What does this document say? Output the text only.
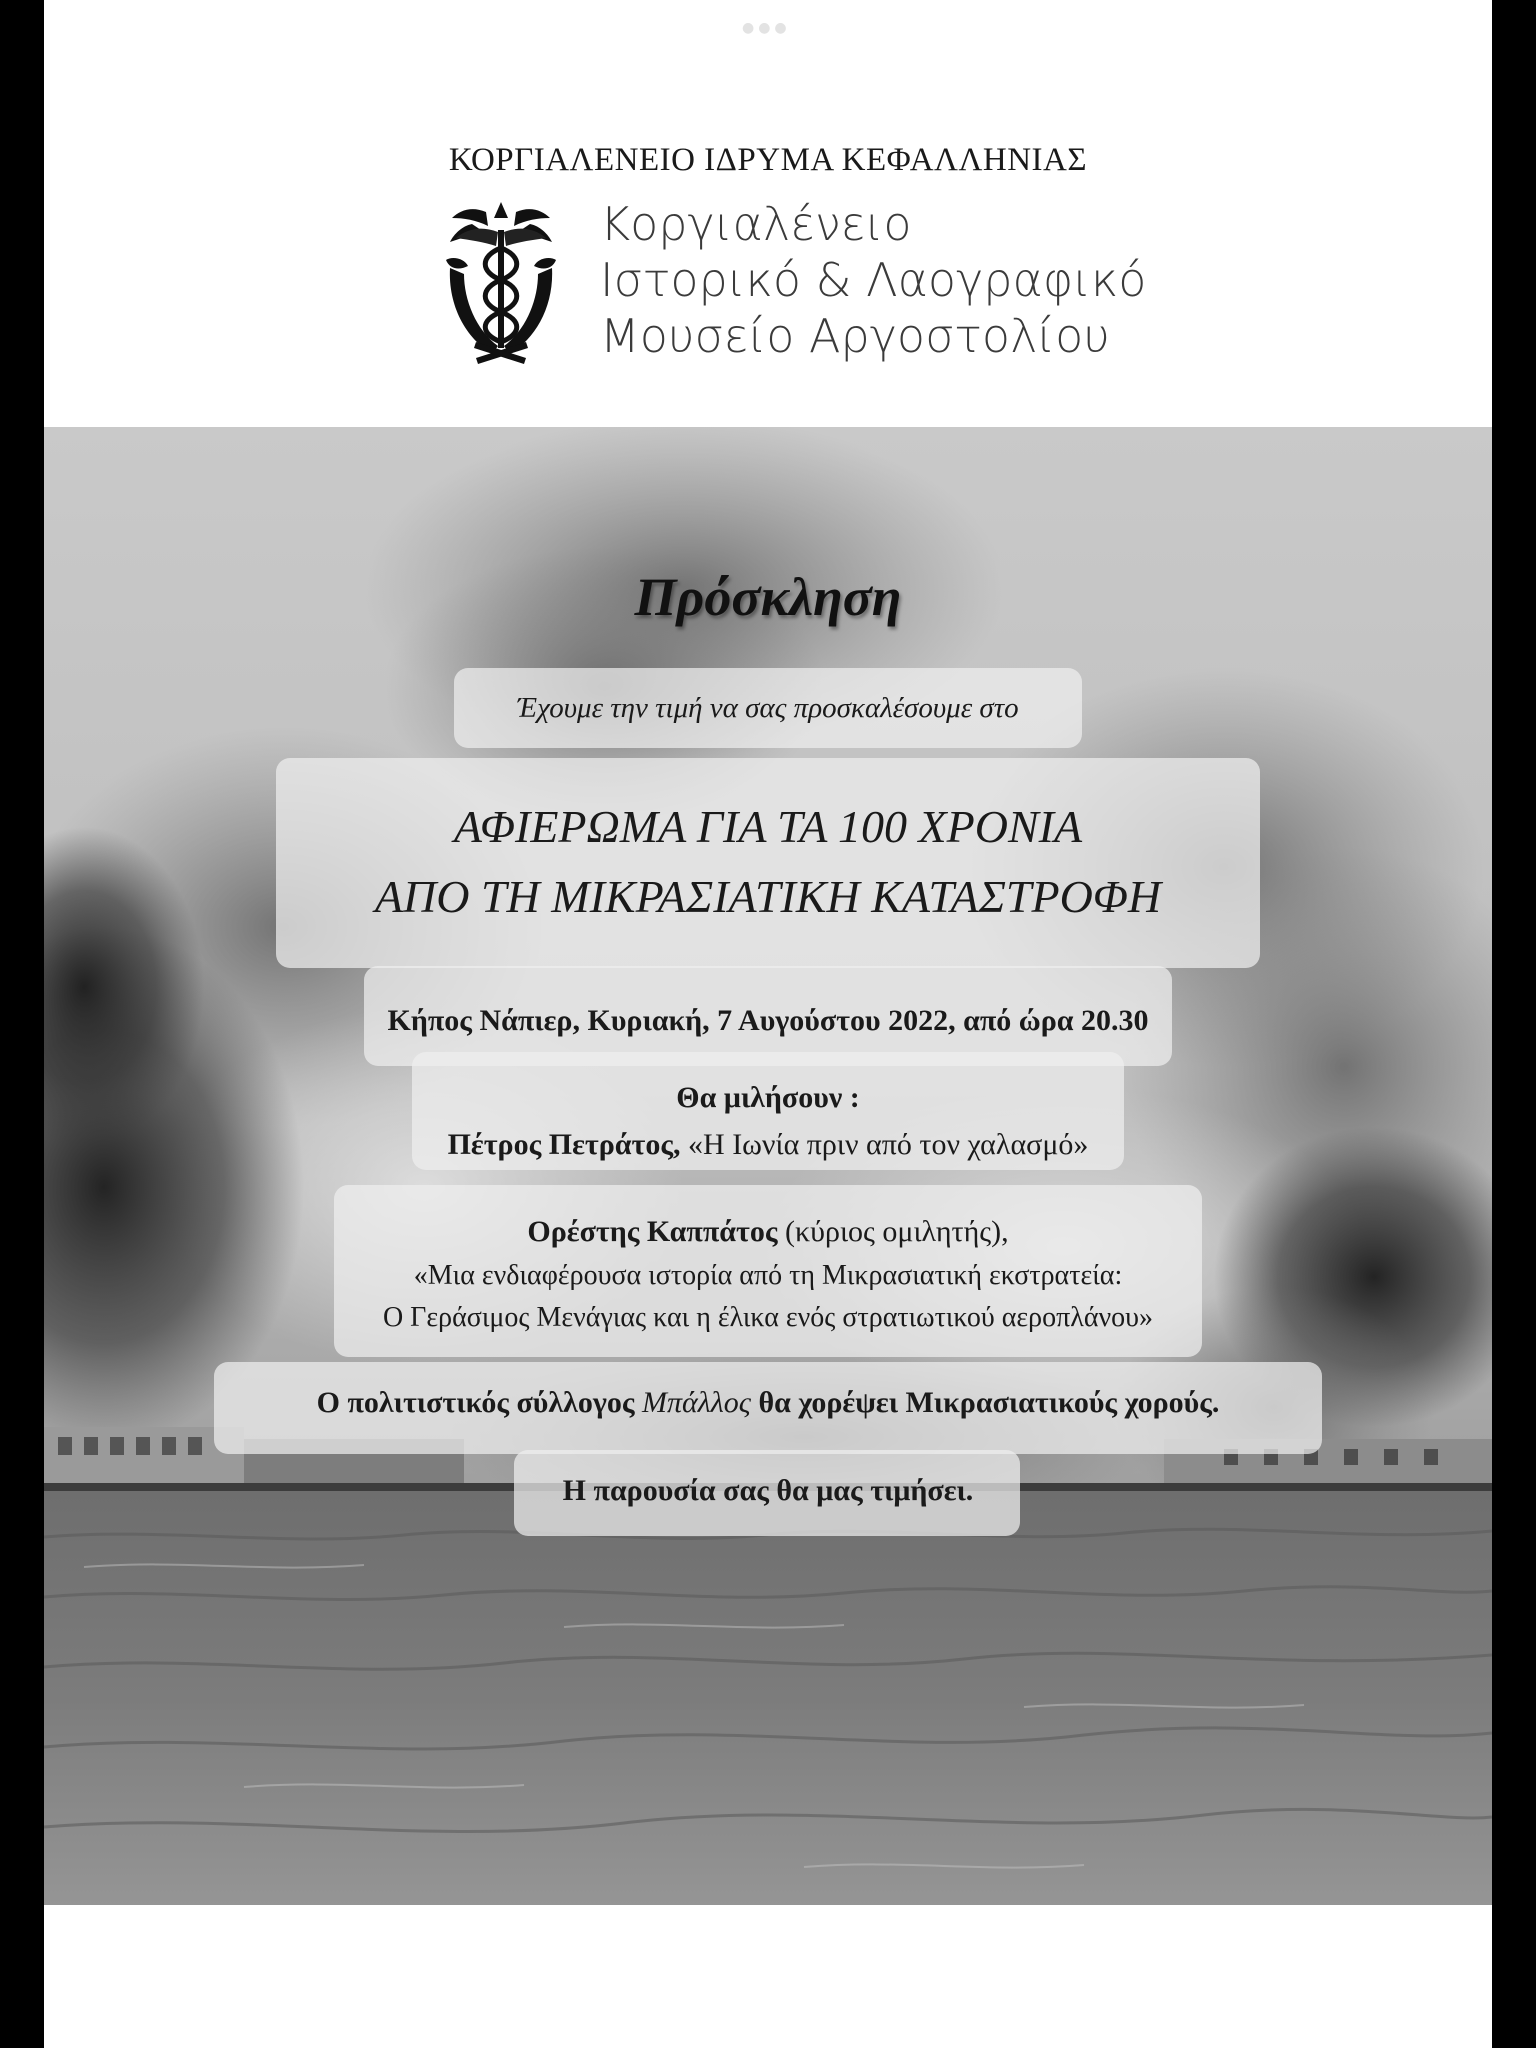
●●●
ΚΟΡΓΙΑΛΕΝΕΙΟ ΙΔΡΥΜΑ ΚΕΦΑΛΛΗΝΙΑΣ
Κοργιαλένειο
Ιστορικό & Λαογραφικό
Μουσείο Αργοστολίου
Πρόσκληση
Έχουμε την τιμή να σας προσκαλέσουμε στο
ΑΦΙΕΡΩΜΑ ΓΙΑ ΤΑ 100 ΧΡΟΝΙΑ
ΑΠΟ ΤΗ ΜΙΚΡΑΣΙΑΤΙΚΗ ΚΑΤΑΣΤΡΟΦΗ
Κήπος Νάπιερ, Κυριακή, 7 Αυγούστου 2022, από ώρα 20.30
Θα μιλήσουν :
Πέτρος Πετράτος, «Η Ιωνία πριν από τον χαλασμό»
Ορέστης Καππάτος (κύριος ομιλητής),
«Μια ενδιαφέρουσα ιστορία από τη Μικρασιατική εκστρατεία:
Ο Γεράσιμος Μενάγιας και η έλικα ενός στρατιωτικού αεροπλάνου»
Ο πολιτιστικός σύλλογος Μπάλλος θα χορέψει Μικρασιατικούς χορούς.
Η παρουσία σας θα μας τιμήσει.
